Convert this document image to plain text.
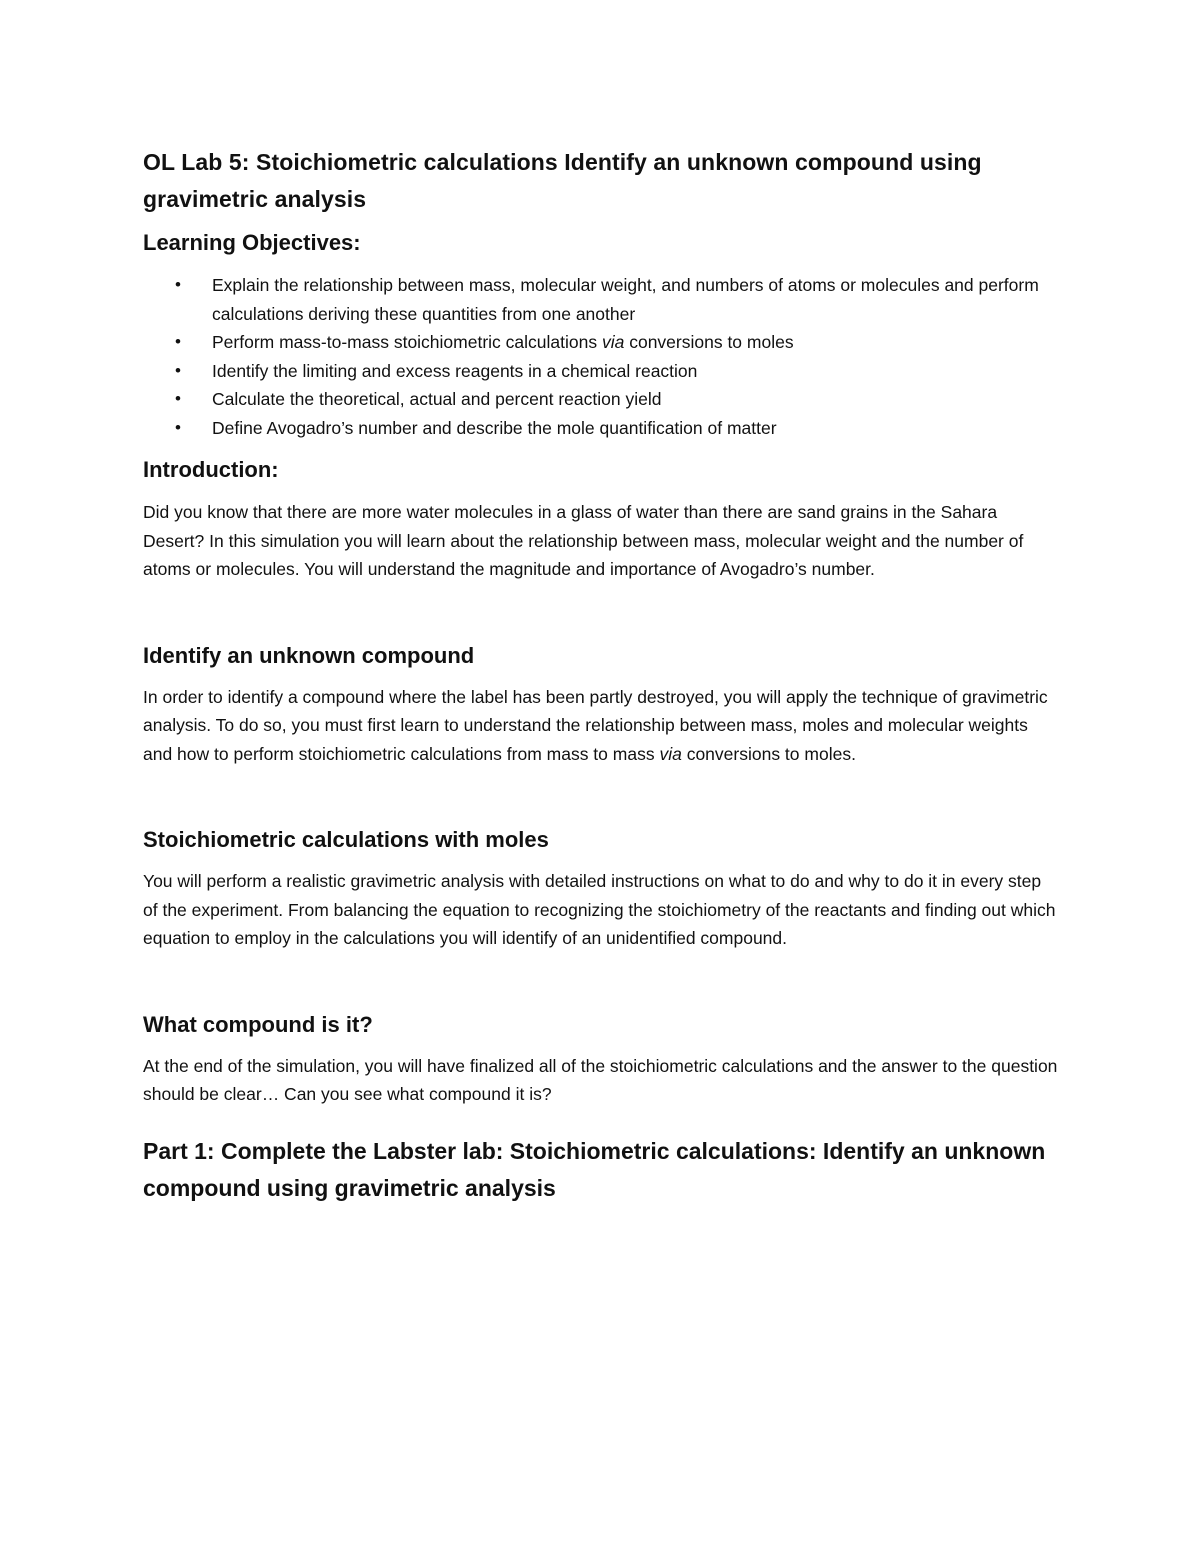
OL Lab 5: Stoichiometric calculations Identify an unknown compound using gravimetric analysis
Learning Objectives:
• Explain the relationship between mass, molecular weight, and numbers of atoms or molecules and perform calculations deriving these quantities from one another
• Perform mass-to-mass stoichiometric calculations via conversions to moles
• Identify the limiting and excess reagents in a chemical reaction
• Calculate the theoretical, actual and percent reaction yield
• Define Avogadro’s number and describe the mole quantification of matter
Introduction:

Did you know that there are more water molecules in a glass of water than there are sand grains in the Sahara Desert? In this simulation you will learn about the relationship between mass, molecular weight and the number of atoms or molecules. You will understand the magnitude and importance of Avogadro’s number.

Identify an unknown compound

In order to identify a compound where the label has been partly destroyed, you will apply the technique of gravimetric analysis. To do so, you must first learn to understand the relationship between mass, moles and molecular weights and how to perform stoichiometric calculations from mass to mass via conversions to moles.

Stoichiometric calculations with moles

You will perform a realistic gravimetric analysis with detailed instructions on what to do and why to do it in every step of the experiment. From balancing the equation to recognizing the stoichiometry of the reactants and finding out which equation to employ in the calculations you will identify of an unidentified compound.

What compound is it?

At the end of the simulation, you will have finalized all of the stoichiometric calculations and the answer to the question should be clear… Can you see what compound it is?

Part 1: Complete the Labster lab: Stoichiometric calculations: Identify an unknown compound using gravimetric analysis
